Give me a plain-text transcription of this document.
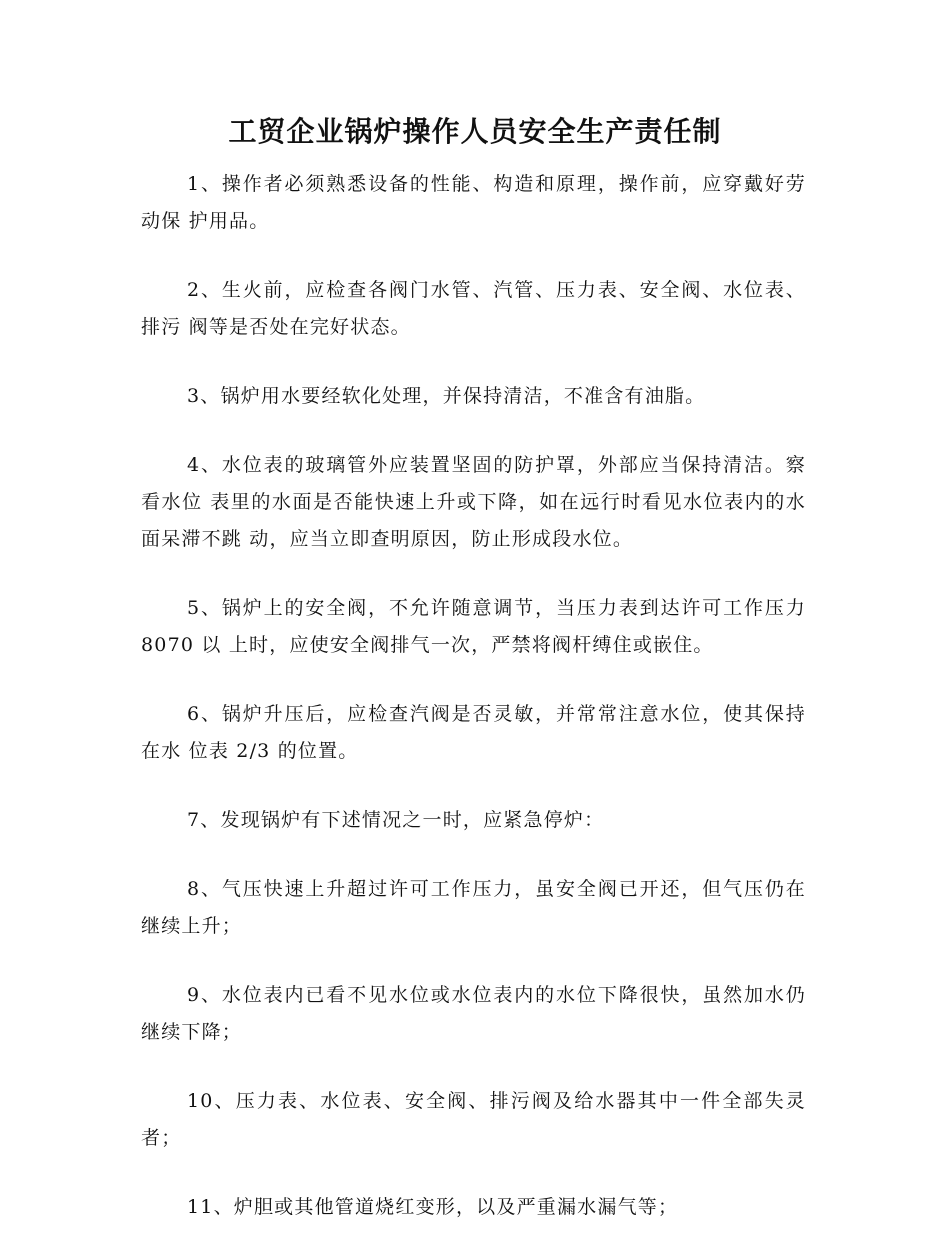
工贸企业锅炉操作人员安全生产责任制

1、操作者必须熟悉设备的性能、构造和原理，操作前，应穿戴好劳动保 护用品。

2、生火前，应检查各阀门水管、汽管、压力表、安全阀、水位表、排污 阀等是否处在完好状态。

3、锅炉用水要经软化处理，并保持清洁，不准含有油脂。

4、水位表的玻璃管外应装置坚固的防护罩，外部应当保持清洁。察看水位 表里的水面是否能快速上升或下降，如在远行时看见水位表内的水面呆滞不跳 动，应当立即查明原因，防止形成段水位。

5、锅炉上的安全阀，不允许随意调节，当压力表到达许可工作压力 8070 以 上时，应使安全阀排气一次，严禁将阀杆缚住或嵌住。

6、锅炉升压后，应检查汽阀是否灵敏，并常常注意水位，使其保持在水 位表 2/3 的位置。

7、发现锅炉有下述情况之一时，应紧急停炉：

8、气压快速上升超过许可工作压力，虽安全阀已开还，但气压仍在继续上升；

9、水位表内已看不见水位或水位表内的水位下降很快，虽然加水仍继续下降；

10、压力表、水位表、安全阀、排污阀及给水器其中一件全部失灵者；

11、炉胆或其他管道烧红变形，以及严重漏水漏气等；
